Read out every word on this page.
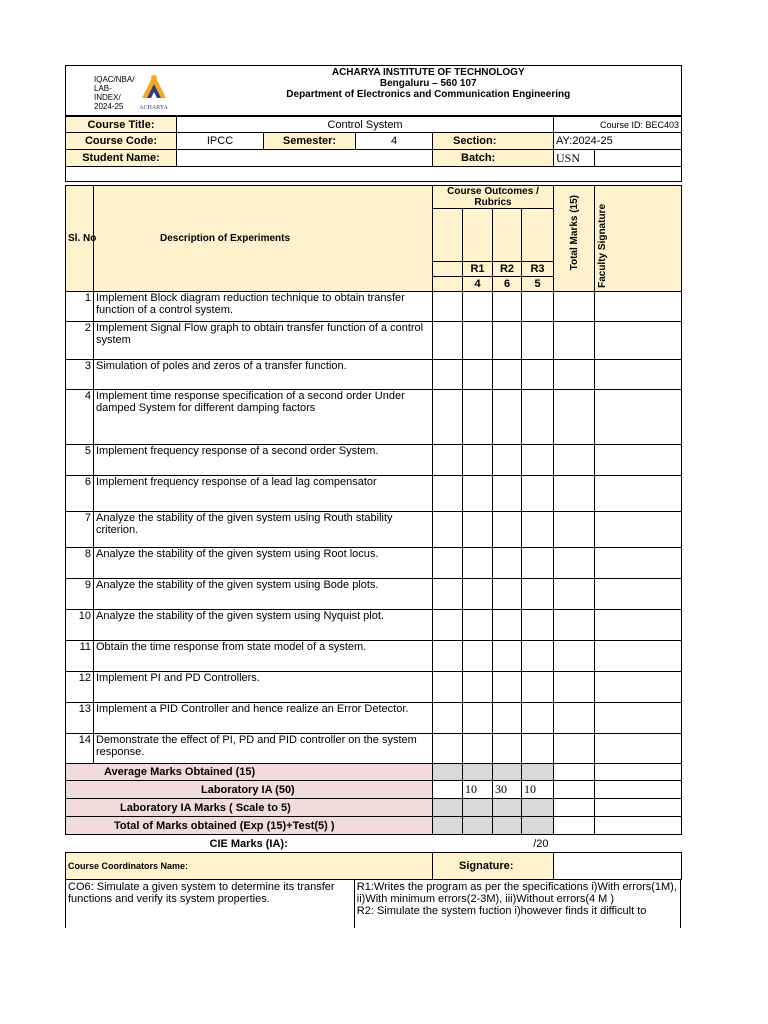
IQAC/NBA/ LAB-INDEX/ 2024-25	ACHARYA

ACHARYA INSTITUTE OF TECHNOLOGY
Bengaluru – 560 107
Department of Electronics and Communication Engineering
Course Title:	Control System				Course ID: BEC403	
Course Code:	IPCC	Semester:	4	Section:	AY:2024-25	
Student Name:				Batch:	USN	

Sl. No	Description of Experiments	Course Outcomes / Rubrics				Total Marks (15)	Faculty Signature

			R1	R2	R3		
			4	6	5		
1	Implement Block diagram reduction technique to obtain transfer function of a control system.						
2	Implement Signal Flow graph to obtain transfer function of a control system						
3	Simulation of poles and zeros of a transfer function.						
4	Implement time response specification of a second order Under damped System for different damping factors						
5	Implement frequency response of a second order System.						
6	Implement frequency response of a lead lag compensator						
7	Analyze the stability of the given system using Routh stability criterion.						
8	Analyze the stability of the given system using Root locus.						
9	Analyze the stability of the given system using Bode plots.						
10	Analyze the stability of the given system using Nyquist plot.						
11	Obtain the time response from state model of a system.						
12	Implement PI and PD Controllers.						
13	Implement a PID Controller and hence realize an Error Detector.						
14	Demonstrate the effect of PI, PD and PID controller on the system response.						
Average Marks Obtained (15)							
Laboratory IA (50)			10	30	10		
Laboratory IA Marks ( Scale to 5)							
Total of Marks obtained (Exp (15)+Test(5) )							
CIE Marks (IA):		/20					
Course Coordinators Name:		Signature:					
CO6: Simulate a given system to determine its transfer functions and verify its system properties.
R1:Writes the program as per the specifications i)With errors(1M), ii)With minimum errors(2-3M), iii)Without errors(4 M )
R2: Simulate the system fuction i)however finds it difficult to
